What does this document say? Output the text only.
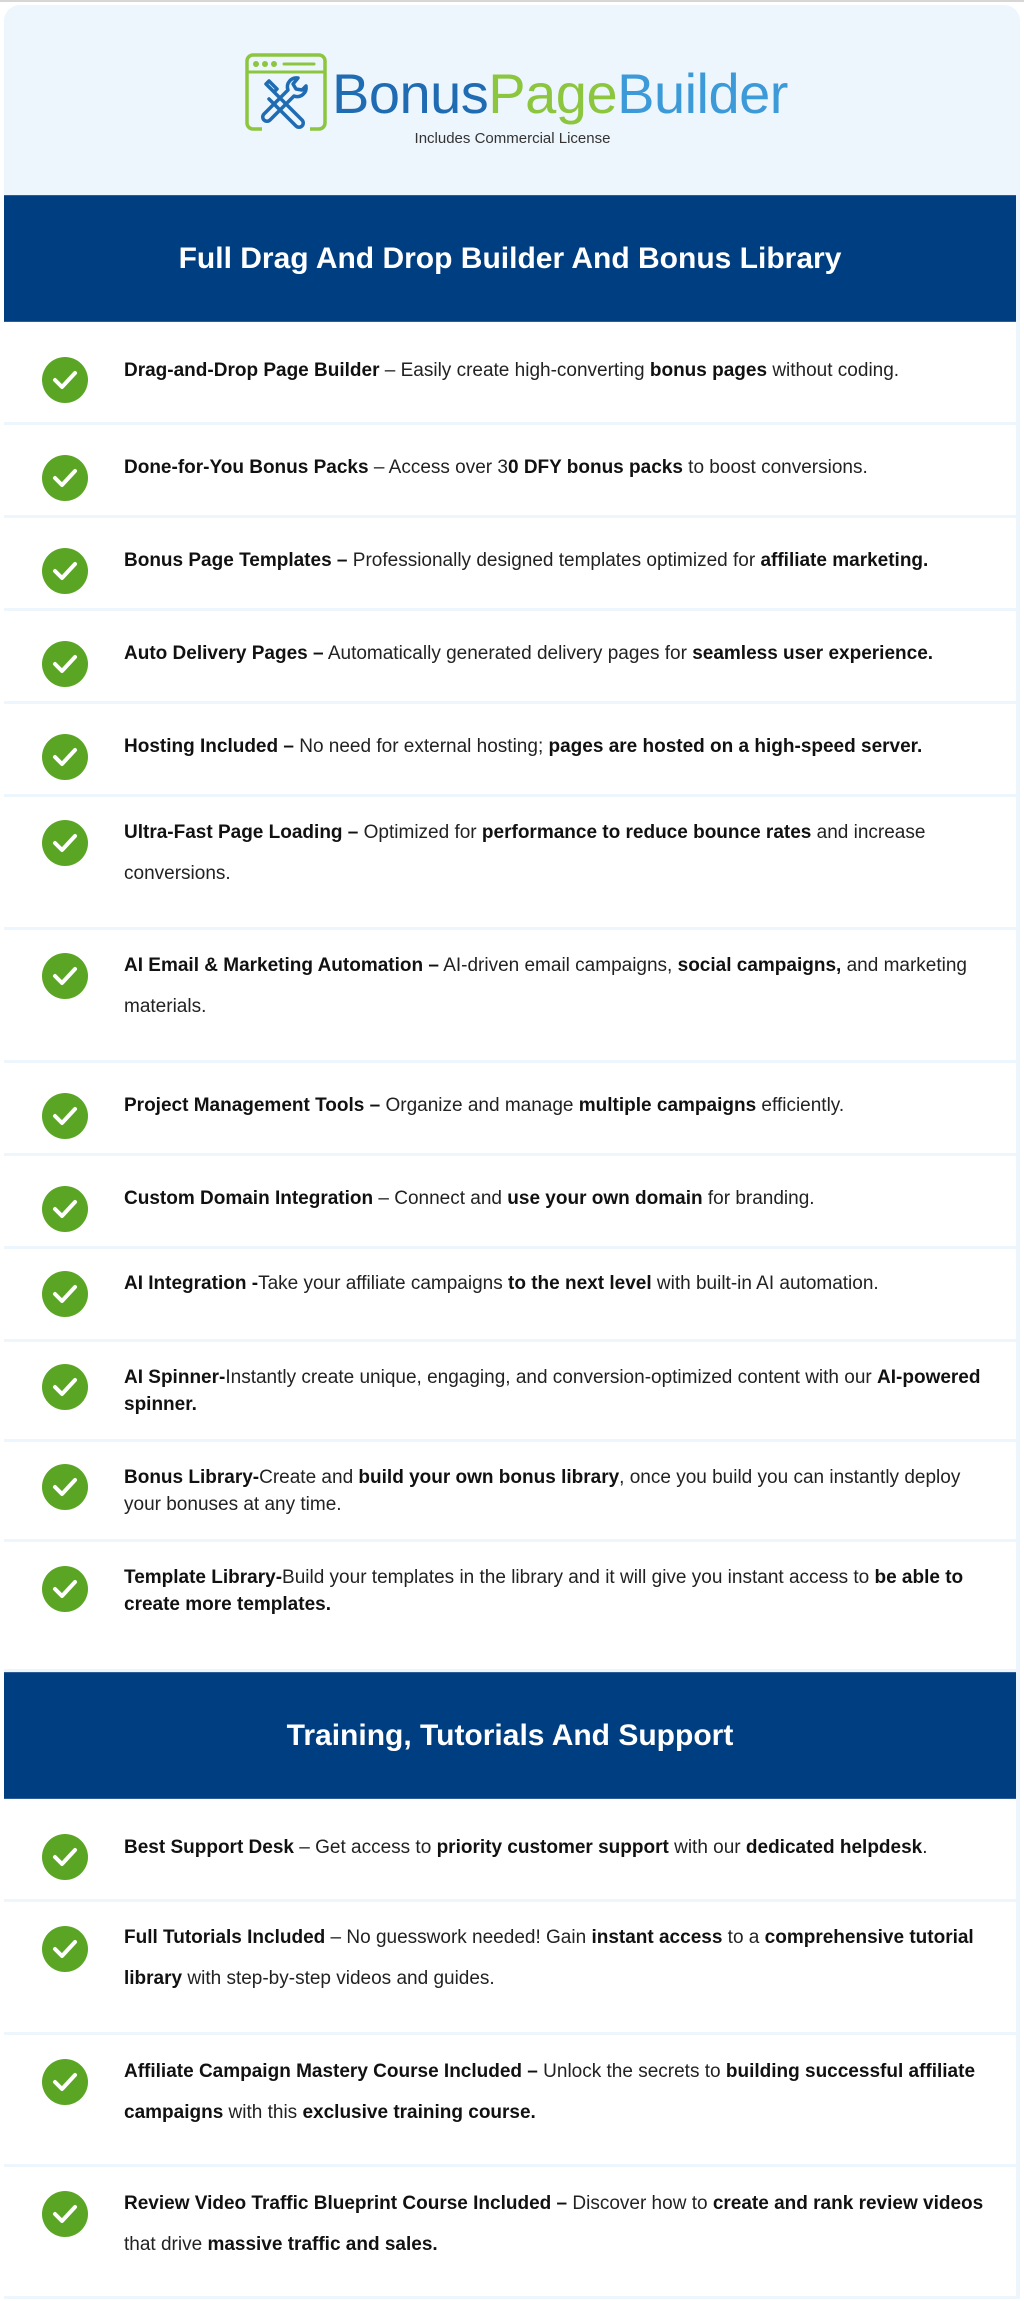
BonusPageBuilder
Includes Commercial License
Full Drag And Drop Builder And Bonus Library
Drag-and-Drop Page Builder – Easily create high-converting bonus pages without coding.
Done-for-You Bonus Packs – Access over 30 DFY bonus packs to boost conversions.
Bonus Page Templates – Professionally designed templates optimized for affiliate marketing.
Auto Delivery Pages – Automatically generated delivery pages for seamless user experience.
Hosting Included – No need for external hosting; pages are hosted on a high-speed server.
Ultra-Fast Page Loading – Optimized for performance to reduce bounce rates and increase conversions.
AI Email & Marketing Automation – AI-driven email campaigns, social campaigns, and marketing materials.
Project Management Tools – Organize and manage multiple campaigns efficiently.
Custom Domain Integration – Connect and use your own domain for branding.
AI Integration -Take your affiliate campaigns to the next level with built-in AI automation.
AI Spinner-Instantly create unique, engaging, and conversion-optimized content with our AI-powered spinner.
Bonus Library-Create and build your own bonus library, once you build you can instantly deploy your bonuses at any time.
Template Library-Build your templates in the library and it will give you instant access to be able to create more templates.
Training, Tutorials And Support
Best Support Desk – Get access to priority customer support with our dedicated helpdesk.
Full Tutorials Included – No guesswork needed! Gain instant access to a comprehensive tutorial library with step-by-step videos and guides.
Affiliate Campaign Mastery Course Included – Unlock the secrets to building successful affiliate campaigns with this exclusive training course.
Review Video Traffic Blueprint Course Included – Discover how to create and rank review videos that drive massive traffic and sales.
